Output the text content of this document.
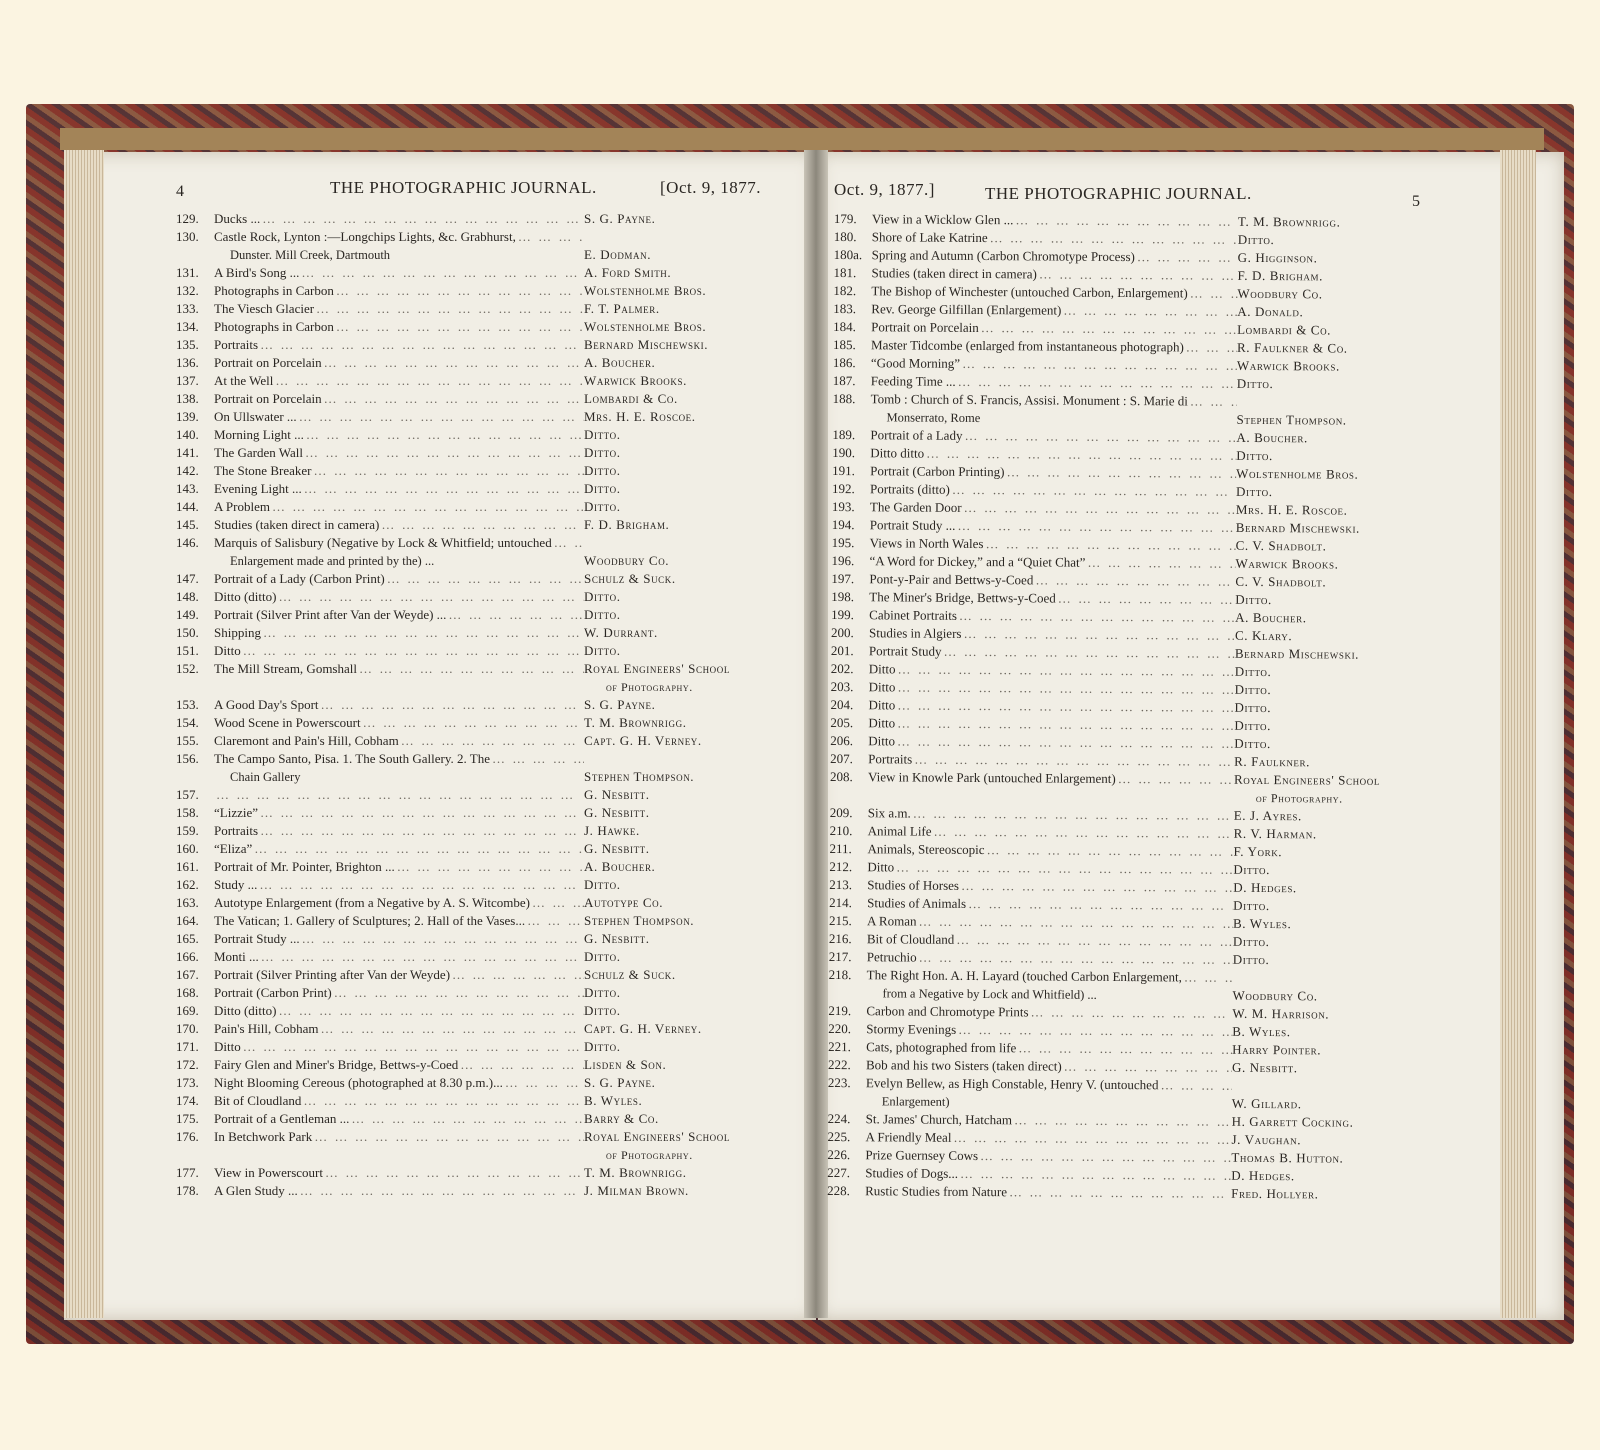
4	THE PHOTOGRAPHIC JOURNAL.	[Oct. 9, 1877.	Oct. 9, 1877.]	THE PHOTOGRAPHIC JOURNAL.	5
129.	Ducks ... … … … … … … … … … … … … … … … … … …	S. G. Payne.
130.	Castle Rock, Lynton :—Longchips Lights, &c. Grabhurst,
Dunster. Mill Creek, Dartmouth … … … … … … … … … … … … … … … … … …	E. Dodman.
131.	A Bird's Song ... … … … … … … … … … … … … … … … … … …	A. Ford Smith.
132.	Photographs in Carbon … … … … … … … … … … … … … … … … … …	Wolstenholme Bros.
133.	The Viesch Glacier … … … … … … … … … … … … … … … … … …	F. T. Palmer.
134.	Photographs in Carbon … … … … … … … … … … … … … … … … … …	Wolstenholme Bros.
135.	Portraits … … … … … … … … … … … … … … … … … …	Bernard Mischewski.
136.	Portrait on Porcelain … … … … … … … … … … … … … … … … … …	A. Boucher.
137.	At the Well … … … … … … … … … … … … … … … … … …	Warwick Brooks.
138.	Portrait on Porcelain … … … … … … … … … … … … … … … … … …	Lombardi & Co.
139.	On Ullswater ... … … … … … … … … … … … … … … … … … …	Mrs. H. E. Roscoe.
140.	Morning Light ... … … … … … … … … … … … … … … … … … …	Ditto.
141.	The Garden Wall … … … … … … … … … … … … … … … … … …	Ditto.
142.	The Stone Breaker … … … … … … … … … … … … … … … … … …	Ditto.
143.	Evening Light ... … … … … … … … … … … … … … … … … … …	Ditto.
144.	A Problem … … … … … … … … … … … … … … … … … …	Ditto.
145.	Studies (taken direct in camera) … … … … … … … … … … … … … … … … … …	F. D. Brigham.
146.	Marquis of Salisbury (Negative by Lock & Whitfield; untouched
Enlargement made and printed by the) ... … … … … … … … … … … … … … … … … … …	Woodbury Co.
147.	Portrait of a Lady (Carbon Print) … … … … … … … … … … … … … … … … … …	Schulz & Suck.
148.	Ditto (ditto) … … … … … … … … … … … … … … … … … …	Ditto.
149.	Portrait (Silver Print after Van der Weyde) ... … … … … … … … … … … … … … … … … … …	Ditto.
150.	Shipping … … … … … … … … … … … … … … … … … …	W. Durrant.
151.	Ditto … … … … … … … … … … … … … … … … … …	Ditto.
152.	The Mill Stream, Gomshall … … … … … … … … … … … … … … … … … …	Royal Engineers' School
of Photography.
153.	A Good Day's Sport … … … … … … … … … … … … … … … … … …	S. G. Payne.
154.	Wood Scene in Powerscourt … … … … … … … … … … … … … … … … … …	T. M. Brownrigg.
155.	Claremont and Pain's Hill, Cobham … … … … … … … … … … … … … … … … … …	Capt. G. H. Verney.
156.	The Campo Santo, Pisa. 1. The South Gallery. 2. The
Chain Gallery … … … … … … … … … … … … … … … … … …	Stephen Thompson.
157. … … … … … … … … … … … … … … … … … …	G. Nesbitt.
158.	“Lizzie” … … … … … … … … … … … … … … … … … …	G. Nesbitt.
159.	Portraits … … … … … … … … … … … … … … … … … …	J. Hawke.
160.	“Eliza” … … … … … … … … … … … … … … … … … …	G. Nesbitt.
161.	Portrait of Mr. Pointer, Brighton ... … … … … … … … … … … … … … … … … … …	A. Boucher.
162.	Study ... … … … … … … … … … … … … … … … … … …	Ditto.
163.	Autotype Enlargement (from a Negative by A. S. Witcombe) … … … … … … … … … … … … … … … … … …	Autotype Co.
164.	The Vatican; 1. Gallery of Sculptures; 2. Hall of the Vases... … … … … … … … … … … … … … … … … … …	Stephen Thompson.
165.	Portrait Study ... … … … … … … … … … … … … … … … … … …	G. Nesbitt.
166.	Monti ... … … … … … … … … … … … … … … … … … …	Ditto.
167.	Portrait (Silver Printing after Van der Weyde) … … … … … … … … … … … … … … … … … …	Schulz & Suck.
168.	Portrait (Carbon Print) … … … … … … … … … … … … … … … … … …	Ditto.
169.	Ditto (ditto) … … … … … … … … … … … … … … … … … …	Ditto.
170.	Pain's Hill, Cobham … … … … … … … … … … … … … … … … … …	Capt. G. H. Verney.
171.	Ditto … … … … … … … … … … … … … … … … … …	Ditto.
172.	Fairy Glen and Miner's Bridge, Bettws-y-Coed … … … … … … … … … … … … … … … … … …	Lisden & Son.
173.	Night Blooming Cereous (photographed at 8.30 p.m.)... … … … … … … … … … … … … … … … … … …	S. G. Payne.
174.	Bit of Cloudland … … … … … … … … … … … … … … … … … …	B. Wyles.
175.	Portrait of a Gentleman ... … … … … … … … … … … … … … … … … … …	Barry & Co.
176.	In Betchwork Park … … … … … … … … … … … … … … … … … …	Royal Engineers' School
of Photography.
177.	View in Powerscourt … … … … … … … … … … … … … … … … … …	T. M. Brownrigg.
178.	A Glen Study ... … … … … … … … … … … … … … … … … … …	J. Milman Brown.
179.	View in a Wicklow Glen ... … … … … … … … … … … … … … … … … … …	T. M. Brownrigg.
180.	Shore of Lake Katrine … … … … … … … … … … … … … … … … … …	Ditto.
180a. Spring and Autumn (Carbon Chromotype Process) … … … … … … … … … … … … … … … … … …	G. Higginson.
181.	Studies (taken direct in camera) … … … … … … … … … … … … … … … … … …	F. D. Brigham.
182.	The Bishop of Winchester (untouched Carbon, Enlargement) … … … … … … … … … … … … … … … … … …	Woodbury Co.
183.	Rev. George Gilfillan (Enlargement) … … … … … … … … … … … … … … … … … …	A. Donald.
184.	Portrait on Porcelain … … … … … … … … … … … … … … … … … …	Lombardi & Co.
185.	Master Tidcombe (enlarged from instantaneous photograph) … … … … … … … … … … … … … … … … … …	R. Faulkner & Co.
186.	“Good Morning” … … … … … … … … … … … … … … … … … …	Warwick Brooks.
187.	Feeding Time ... … … … … … … … … … … … … … … … … … …	Ditto.
188.	Tomb : Church of S. Francis, Assisi. Monument : S. Marie di
Monserrato, Rome … … … … … … … … … … … … … … … … … …	Stephen Thompson.
189.	Portrait of a Lady … … … … … … … … … … … … … … … … … …	A. Boucher.
190.	Ditto ditto … … … … … … … … … … … … … … … … … …	Ditto.
191.	Portrait (Carbon Printing) … … … … … … … … … … … … … … … … … …	Wolstenholme Bros.
192.	Portraits (ditto) … … … … … … … … … … … … … … … … … …	Ditto.
193.	The Garden Door … … … … … … … … … … … … … … … … … …	Mrs. H. E. Roscoe.
194.	Portrait Study ... … … … … … … … … … … … … … … … … … …	Bernard Mischewski.
195.	Views in North Wales … … … … … … … … … … … … … … … … … …	C. V. Shadbolt.
196.	“A Word for Dickey,” and a “Quiet Chat” … … … … … … … … … … … … … … … … … …	Warwick Brooks.
197.	Pont-y-Pair and Bettws-y-Coed … … … … … … … … … … … … … … … … … …	C. V. Shadbolt.
198.	The Miner's Bridge, Bettws-y-Coed … … … … … … … … … … … … … … … … … …	Ditto.
199.	Cabinet Portraits … … … … … … … … … … … … … … … … … …	A. Boucher.
200.	Studies in Algiers … … … … … … … … … … … … … … … … … …	C. Klary.
201.	Portrait Study … … … … … … … … … … … … … … … … … …	Bernard Mischewski.
202.	Ditto … … … … … … … … … … … … … … … … … …	Ditto.
203.	Ditto … … … … … … … … … … … … … … … … … …	Ditto.
204.	Ditto … … … … … … … … … … … … … … … … … …	Ditto.
205.	Ditto … … … … … … … … … … … … … … … … … …	Ditto.
206.	Ditto … … … … … … … … … … … … … … … … … …	Ditto.
207.	Portraits … … … … … … … … … … … … … … … … … …	R. Faulkner.
208.	View in Knowle Park (untouched Enlargement) … … … … … … … … … … … … … … … … … …	Royal Engineers' School
of Photography.
209.	Six a.m. … … … … … … … … … … … … … … … … … …	E. J. Ayres.
210.	Animal Life … … … … … … … … … … … … … … … … … …	R. V. Harman.
211.	Animals, Stereoscopic … … … … … … … … … … … … … … … … … …	F. York.
212.	Ditto … … … … … … … … … … … … … … … … … …	Ditto.
213.	Studies of Horses … … … … … … … … … … … … … … … … … …	D. Hedges.
214.	Studies of Animals … … … … … … … … … … … … … … … … … …	Ditto.
215.	A Roman … … … … … … … … … … … … … … … … … …	B. Wyles.
216.	Bit of Cloudland … … … … … … … … … … … … … … … … … …	Ditto.
217.	Petruchio … … … … … … … … … … … … … … … … … …	Ditto.
218.	The Right Hon. A. H. Layard (touched Carbon Enlargement,
from a Negative by Lock and Whitfield) ... … … … … … … … … … … … … … … … … … …	Woodbury Co.
219.	Carbon and Chromotype Prints … … … … … … … … … … … … … … … … … …	W. M. Harrison.
220.	Stormy Evenings … … … … … … … … … … … … … … … … … …	B. Wyles.
221.	Cats, photographed from life … … … … … … … … … … … … … … … … … …	Harry Pointer.
222.	Bob and his two Sisters (taken direct) … … … … … … … … … … … … … … … … … …	G. Nesbitt.
223.	Evelyn Bellew, as High Constable, Henry V. (untouched
Enlargement) … … … … … … … … … … … … … … … … … …	W. Gillard.
224.	St. James' Church, Hatcham … … … … … … … … … … … … … … … … … …	H. Garrett Cocking.
225.	A Friendly Meal … … … … … … … … … … … … … … … … … …	J. Vaughan.
226.	Prize Guernsey Cows … … … … … … … … … … … … … … … … … …	Thomas B. Hutton.
227.	Studies of Dogs... … … … … … … … … … … … … … … … … … …	D. Hedges.
228.	Rustic Studies from Nature … … … … … … … … … … … … … … … … … …	Fred. Hollyer.
